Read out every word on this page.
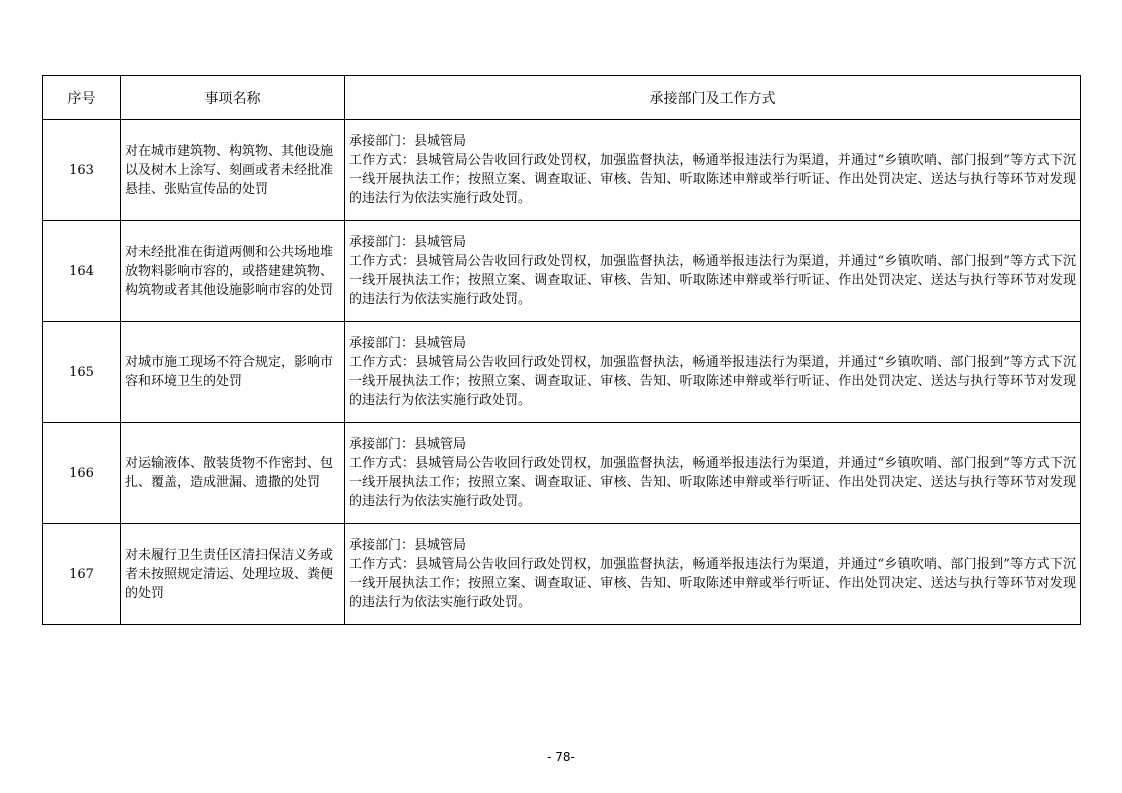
序号	事项名称	承接部门及工作方式
163	对在城市建筑物、构筑物、其他设施以及树木上涂写、刻画或者未经批准悬挂、张贴宣传品的处罚	承接部门：县城管局
工作方式：县城管局公告收回行政处罚权，加强监督执法，畅通举报违法行为渠道，并通过“乡镇吹哨、部门报到”等方式下沉一线开展执法工作；按照立案、调查取证、审核、告知、听取陈述申辩或举行听证、作出处罚决定、送达与执行等环节对发现的违法行为依法实施行政处罚。

164	对未经批准在街道两侧和公共场地堆放物料影响市容的，或搭建建筑物、构筑物或者其他设施影响市容的处罚	承接部门：县城管局
工作方式：县城管局公告收回行政处罚权，加强监督执法，畅通举报违法行为渠道，并通过“乡镇吹哨、部门报到”等方式下沉一线开展执法工作；按照立案、调查取证、审核、告知、听取陈述申辩或举行听证、作出处罚决定、送达与执行等环节对发现的违法行为依法实施行政处罚。

165	对城市施工现场不符合规定，影响市容和环境卫生的处罚	承接部门：县城管局
工作方式：县城管局公告收回行政处罚权，加强监督执法，畅通举报违法行为渠道，并通过“乡镇吹哨、部门报到”等方式下沉一线开展执法工作；按照立案、调查取证、审核、告知、听取陈述申辩或举行听证、作出处罚决定、送达与执行等环节对发现的违法行为依法实施行政处罚。

166	对运输液体、散装货物不作密封、包扎、覆盖，造成泄漏、遗撒的处罚	承接部门：县城管局
工作方式：县城管局公告收回行政处罚权，加强监督执法，畅通举报违法行为渠道，并通过“乡镇吹哨、部门报到”等方式下沉一线开展执法工作；按照立案、调查取证、审核、告知、听取陈述申辩或举行听证、作出处罚决定、送达与执行等环节对发现的违法行为依法实施行政处罚。

167	对未履行卫生责任区清扫保洁义务或者未按照规定清运、处理垃圾、粪便的处罚	承接部门：县城管局
工作方式：县城管局公告收回行政处罚权，加强监督执法，畅通举报违法行为渠道，并通过“乡镇吹哨、部门报到”等方式下沉一线开展执法工作；按照立案、调查取证、审核、告知、听取陈述申辩或举行听证、作出处罚决定、送达与执行等环节对发现的违法行为依法实施行政处罚。
- 78-
